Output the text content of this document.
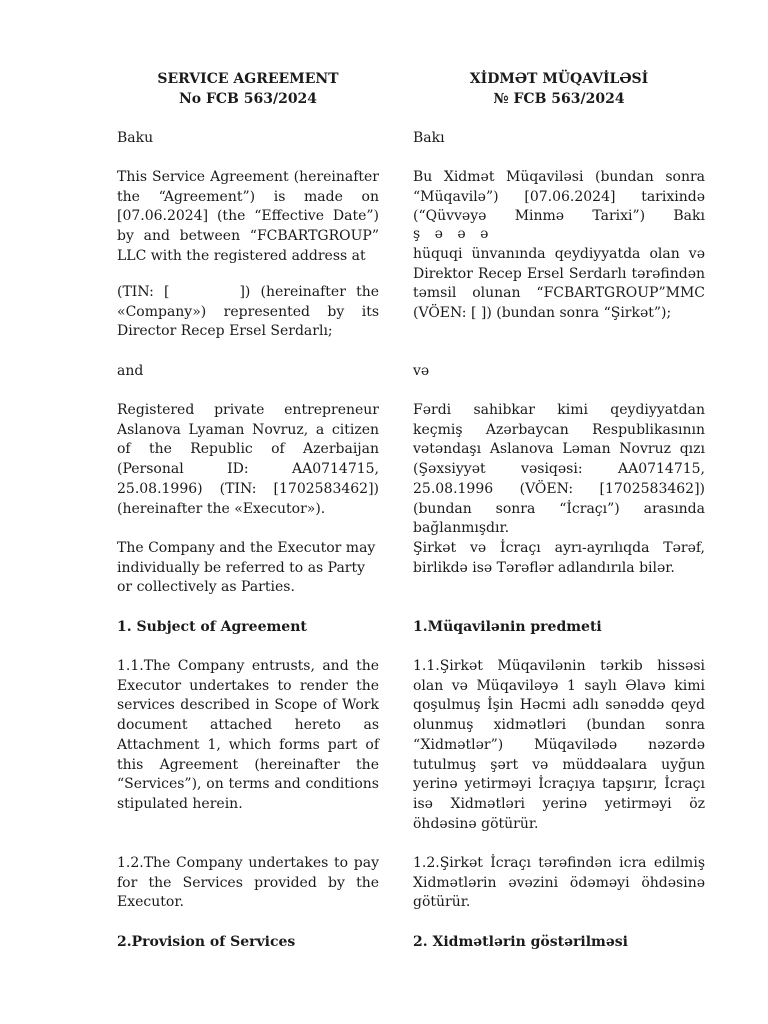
SERVICE AGREEMENT

No FCB 563/2024

Baku

This Service Agreement (hereinafter the “Agreement”) is made on [07.06.2024] (the “Effective Date”) by and between “FCBARTGROUP” LLC with the registered address at

(TIN: [	]) (hereinafter the «Company») represented by its Director Recep Ersel Serdarlı;

and

Registered private entrepreneur Aslanova Lyaman Novruz, a citizen of the Republic of Azerbaijan (Personal ID: AA0714715, 25.08.1996) (TIN: [1702583462]) (hereinafter the «Executor»).

The Company and the Executor may individually be referred to as Party or collectively as Parties.

1. Subject of Agreement

1.1.The Company entrusts, and the Executor undertakes to render the services described in Scope of Work document attached hereto as Attachment 1, which forms part of this Agreement (hereinafter the “Services”), on terms and conditions stipulated herein.

1.2.The Company undertakes to pay for the Services provided by the Executor.

2.Provision of Services

XİDMƏT MÜQAVİLƏSİ

№ FCB 563/2024

Bakı

Bu Xidmət Müqaviləsi (bundan sonra “Müqavilə”) [07.06.2024] tarixində (“Qüvvəyə Minmə Tarixi”) Bakı

ş ə ə ə

hüquqi ünvanında qeydiyyatda olan və Direktor Recep Ersel Serdarlı tərəfindən təmsil olunan “FCBARTGROUP”MMC (VÖEN: [ ]) (bundan sonra “Şirkət”);

və

Fərdi sahibkar kimi qeydiyyatdan keçmiş Azərbaycan Respublikasının vətəndaşı Aslanova Ləman Novruz qızı (Şəxsiyyət vəsiqəsi: AA0714715, 25.08.1996 (VÖEN: [1702583462]) (bundan sonra “İcraçı”) arasında bağlanmışdır.

Şirkət və İcraçı ayrı-ayrılıqda Tərəf, birlikdə isə Tərəflər adlandırıla bilər.

1.Müqavilənin predmeti

1.1.Şirkət Müqavilənin tərkib hissəsi olan və Müqaviləyə 1 saylı Əlavə kimi qoşulmuş İşin Həcmi adlı sənəddə qeyd olunmuş xidmətləri (bundan sonra “Xidmətlər”) Müqavilədə nəzərdə tutulmuş şərt və müddəalara uyğun yerinə yetirməyi İcraçıya tapşırır, İcraçı isə Xidmətləri yerinə yetirməyi öz öhdəsinə götürür.

1.2.Şirkət İcraçı tərəfindən icra edilmiş Xidmətlərin əvəzini ödəməyi öhdəsinə götürür.

2. Xidmətlərin göstərilməsi
